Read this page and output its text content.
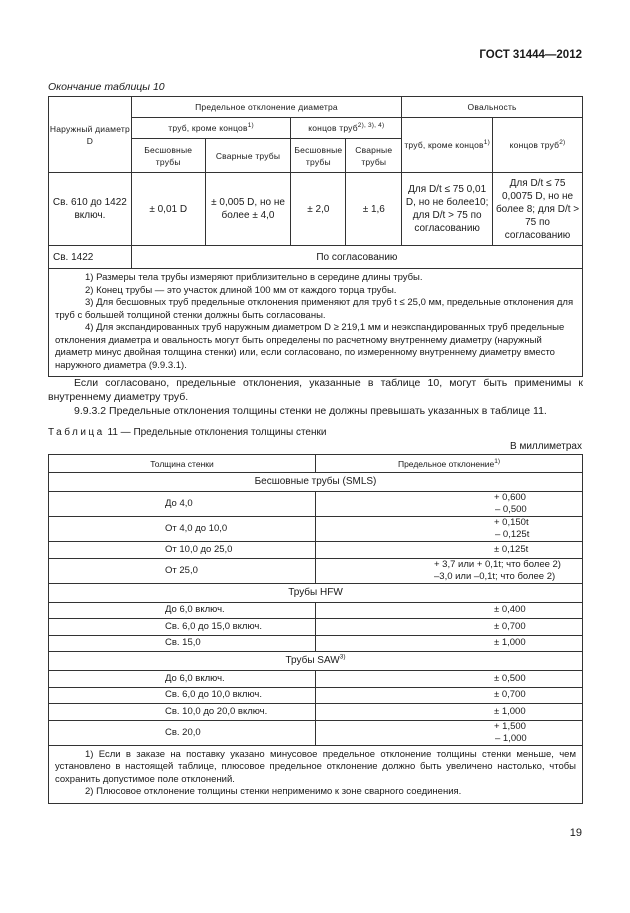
ГОСТ 31444—2012
Окончание таблицы 10
Наружный диаметр D	Предельное отклонение диаметра				Овальность	
	труб, кроме концов$^{1)}$		концов труб$^{2), 3), 4)}$		труб, кроме концов$^{1)}$	концов труб$^{2)}$
	Бесшовные трубы	Сварные трубы	Бесшовные трубы	Сварные трубы		
Св. 610 до 1422 включ.	± 0,01 D	± 0,005 D, но не более ± 4,0	± 2,0	± 1,6	Для D/t ≤ 75 0,01 D, но не более10; для D/t > 75 по согласованию	Для D/t ≤ 75 0,0075 D, но не более 8; для D/t > 75 по согласованию
Св. 1422	По согласованию					

1) Размеры тела трубы измеряют приблизительно в середине длины трубы.

2) Конец трубы — это участок длиной 100 мм от каждого торца трубы.

3) Для бесшовных труб предельные отклонения применяют для труб t ≤ 25,0 мм, предельные отклонения для труб с большей толщиной стенки должны быть согласованы.

4) Для экспандированных труб наружным диаметром D ≥ 219,1 мм и неэкспандированных труб предельные отклонения диаметра и овальность могут быть определены по расчетному внутреннему диаметру (наружный диаметр минус двойная толщина стенки) или, если согласовано, по измеренному внутреннему диаметру вместо наружного диаметра (9.9.3.1).						

Если согласовано, предельные отклонения, указанные в таблице 10, могут быть применимы к внутреннему диаметру труб.
9.9.3.2 Предельные отклонения толщины стенки не должны превышать указанных в таблице 11.
Таблица 11 — Предельные отклонения толщины стенки
В миллиметрах
Толщина стенки	Предельное отклонение$^{1)}$
Бесшовные трубы (SMLS)	
До 4,0	+ 0,600
– 0,500

От 4,0 до 10,0	+ 0,150t
– 0,125t

От 10,0 до 25,0	± 0,125t

От 25,0	+ 3,7 или + 0,1t; что более 2)
–3,0 или –0,1t; что более 2)

Трубы HFW	
До 6,0 включ.	± 0,400

Св. 6,0 до 15,0 включ.	± 0,700

Св. 15,0	± 1,000

Трубы SAW$^{3)}$
До 6,0 включ.	± 0,500

Св. 6,0 до 10,0 включ.	± 0,700

Св. 10,0 до 20,0 включ.	± 1,000

Св. 20,0	+ 1,500
– 1,000

1) Если в заказе на поставку указано минусовое предельное отклонение толщины стенки меньше, чем установлено в настоящей таблице, плюсовое предельное отклонение должно быть увеличено настолько, чтобы сохранить допустимое поле отклонений.

2) Плюсовое отклонение толщины стенки неприменимо к зоне сварного соединения.	

19
